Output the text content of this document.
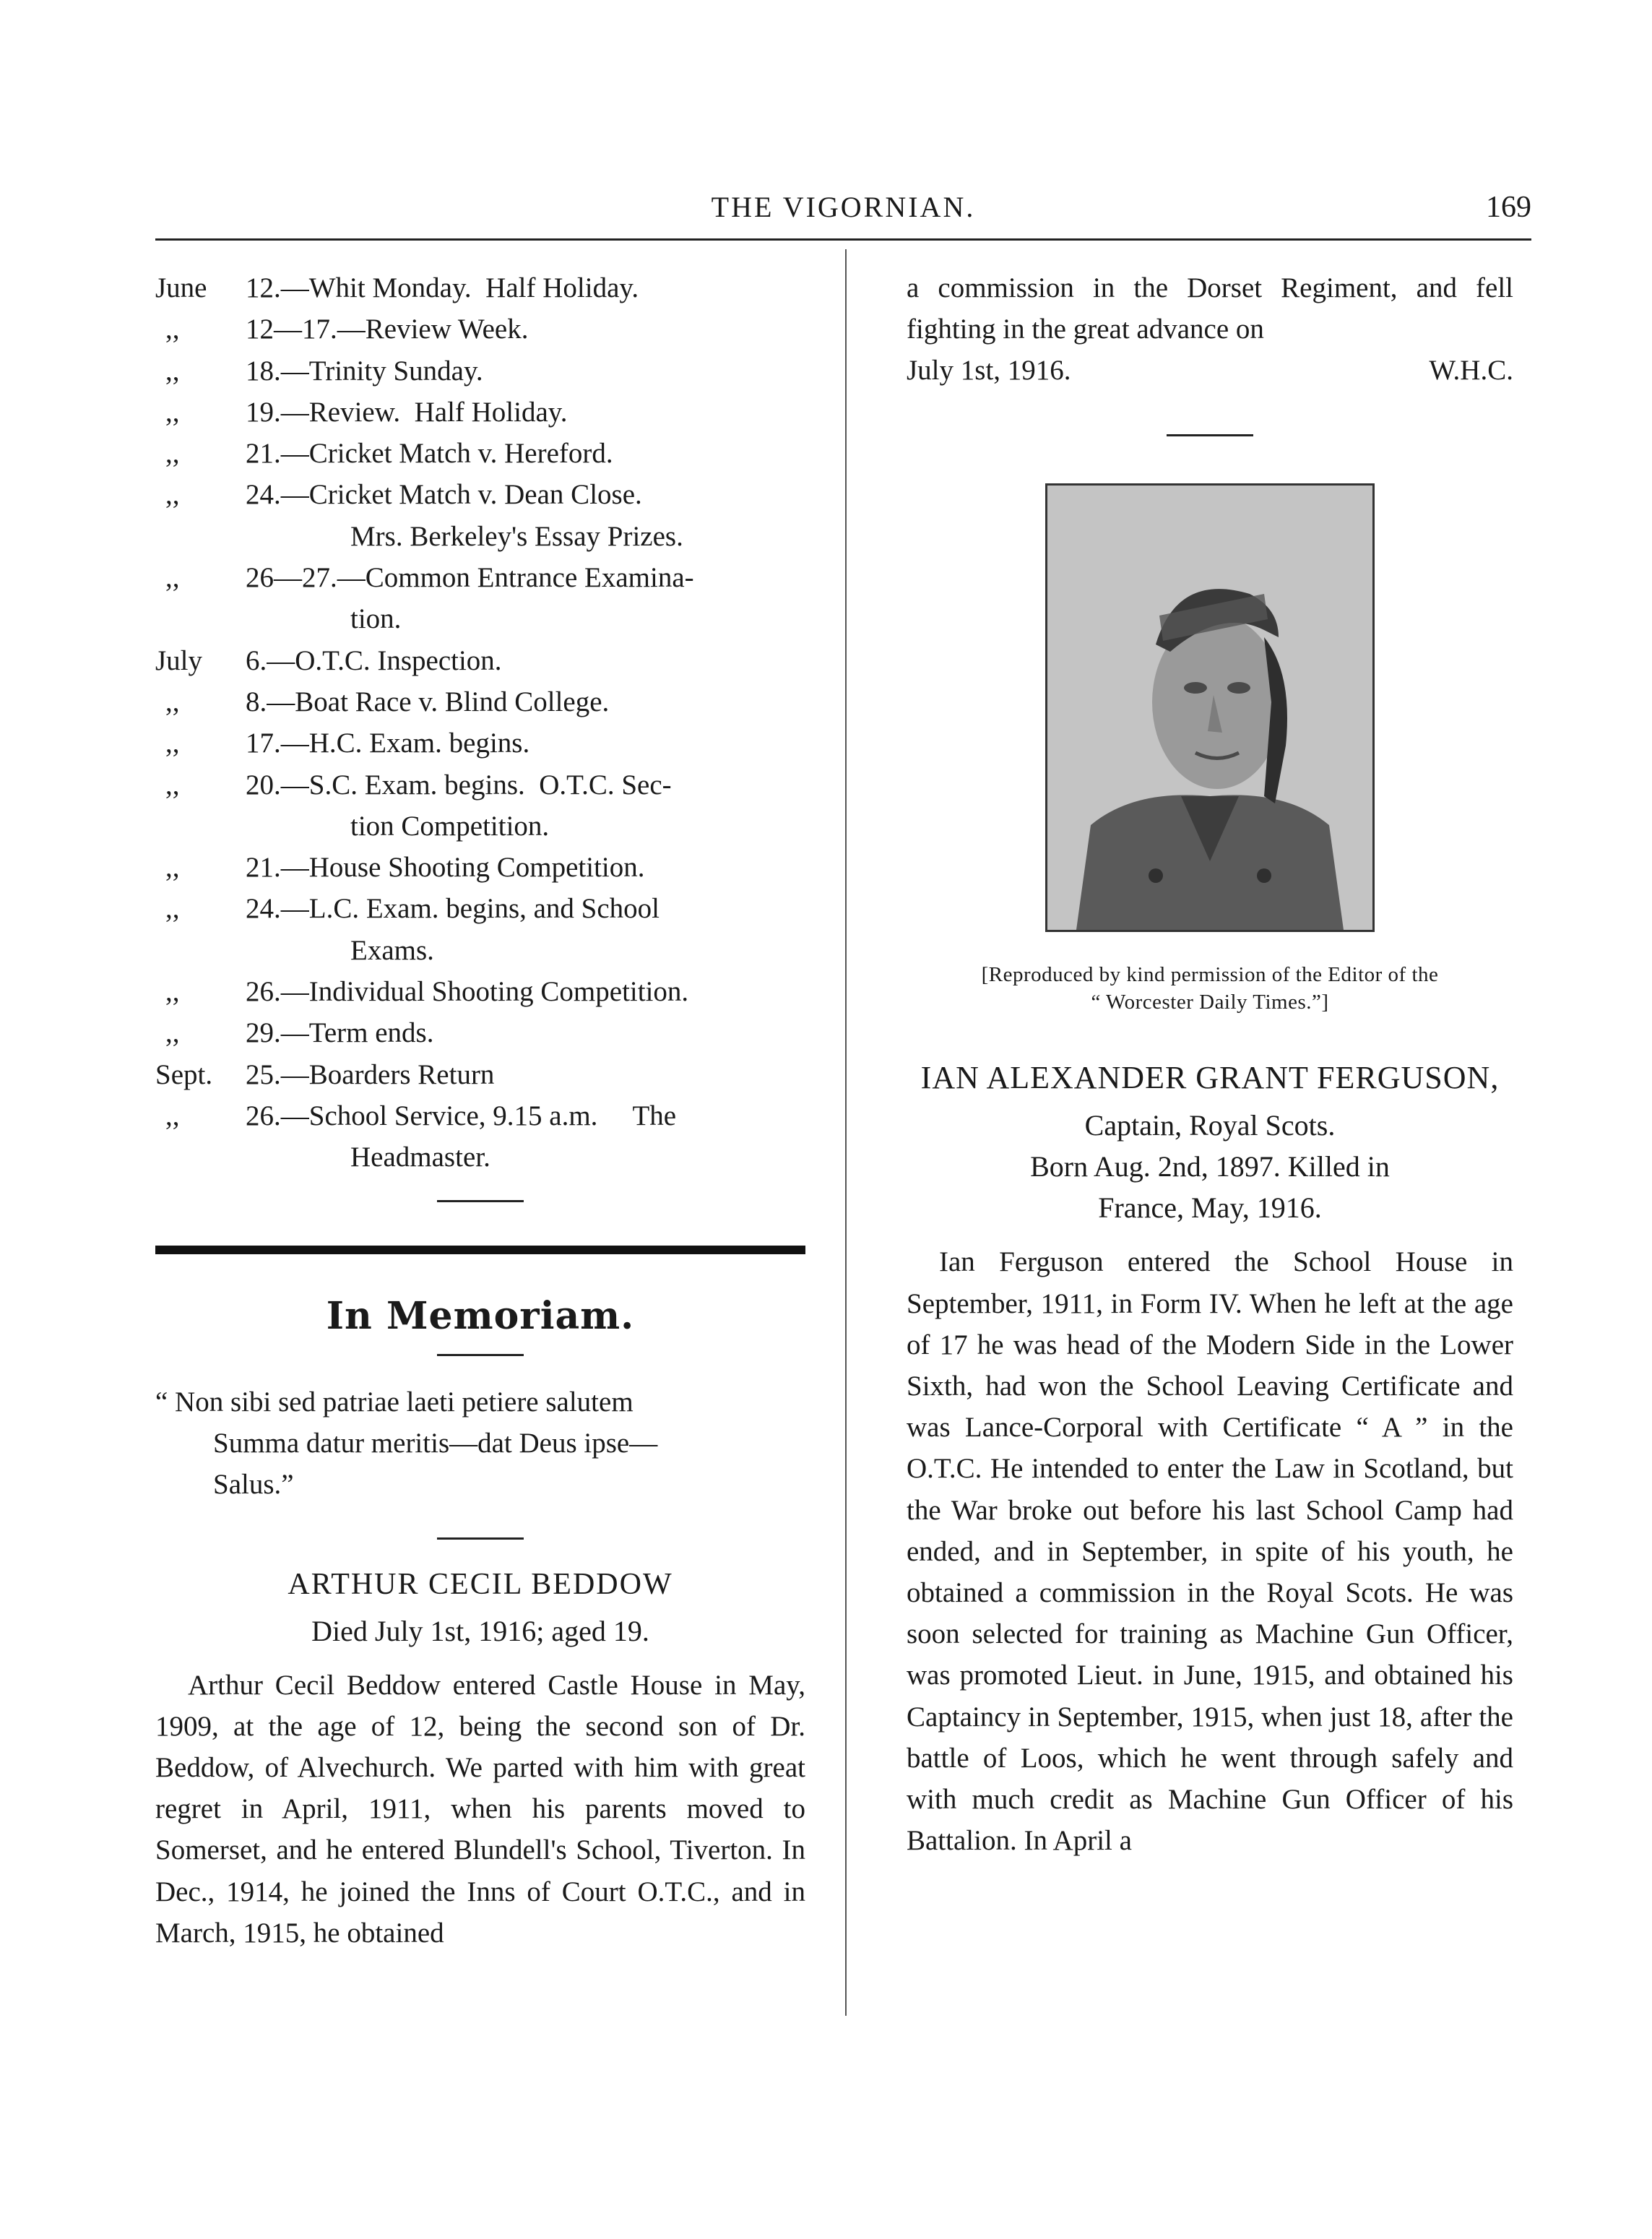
THE VIGORNIAN.	169
June	12.—Whit Monday.  Half Holiday.
,, 12—17.—Review Week.
,, 18.—Trinity Sunday.
,, 19.—Review.  Half Holiday.
,, 21.—Cricket Match v. Hereford.
,, 24.—Cricket Match v. Dean Close.
Mrs. Berkeley's Essay Prizes.
,, 26—27.—Common Entrance Examina-
tion.
July	6.—O.T.C. Inspection.
,, 8.—Boat Race v. Blind College.
,, 17.—H.C. Exam. begins.
,, 20.—S.C. Exam. begins.  O.T.C. Sec-
tion Competition.
,, 21.—House Shooting Competition.
,, 24.—L.C. Exam. begins, and School
Exams.
,, 26.—Individual Shooting Competition.
,, 29.—Term ends.
Sept.	25.—Boarders Return
,, 26.—School Service, 9.15 a.m.     The
Headmaster.
In Memoriam.

“ Non sibi sed patriae laeti petiere salutem

Summa datur meritis—dat Deus ipse—

Salus.”

ARTHUR CECIL BEDDOW
Died July 1st, 1916; aged 19.
Arthur Cecil Beddow entered Castle House in May, 1909, at the age of 12, being the second son of Dr. Beddow, of Alvechurch. We parted with him with great regret in April, 1911, when his parents moved to Somerset, and he entered Blundell's School, Tiverton. In Dec., 1914, he joined the Inns of Court O.T.C., and in March, 1915, he obtained
a commission in the Dorset Regiment, and fell fighting in the great advance on
July 1st, 1916.	W.H.C.
[Reproduced by kind permission of the Editor of the
“ Worcester Daily Times.”]
IAN ALEXANDER GRANT FERGUSON,
Captain, Royal Scots.
Born Aug. 2nd, 1897. Killed in
France, May, 1916.
Ian Ferguson entered the School House in September, 1911, in Form IV. When he left at the age of 17 he was head of the Modern Side in the Lower Sixth, had won the School Leaving Certificate and was Lance-Corporal with Certificate “ A ” in the O.T.C. He intended to enter the Law in Scotland, but the War broke out before his last School Camp had ended, and in September, in spite of his youth, he obtained a commission in the Royal Scots. He was soon selected for training as Machine Gun Officer, was promoted Lieut. in June, 1915, and obtained his Captaincy in September, 1915, when just 18, after the battle of Loos, which he went through safely and with much credit as Machine Gun Officer of his Battalion. In April a
